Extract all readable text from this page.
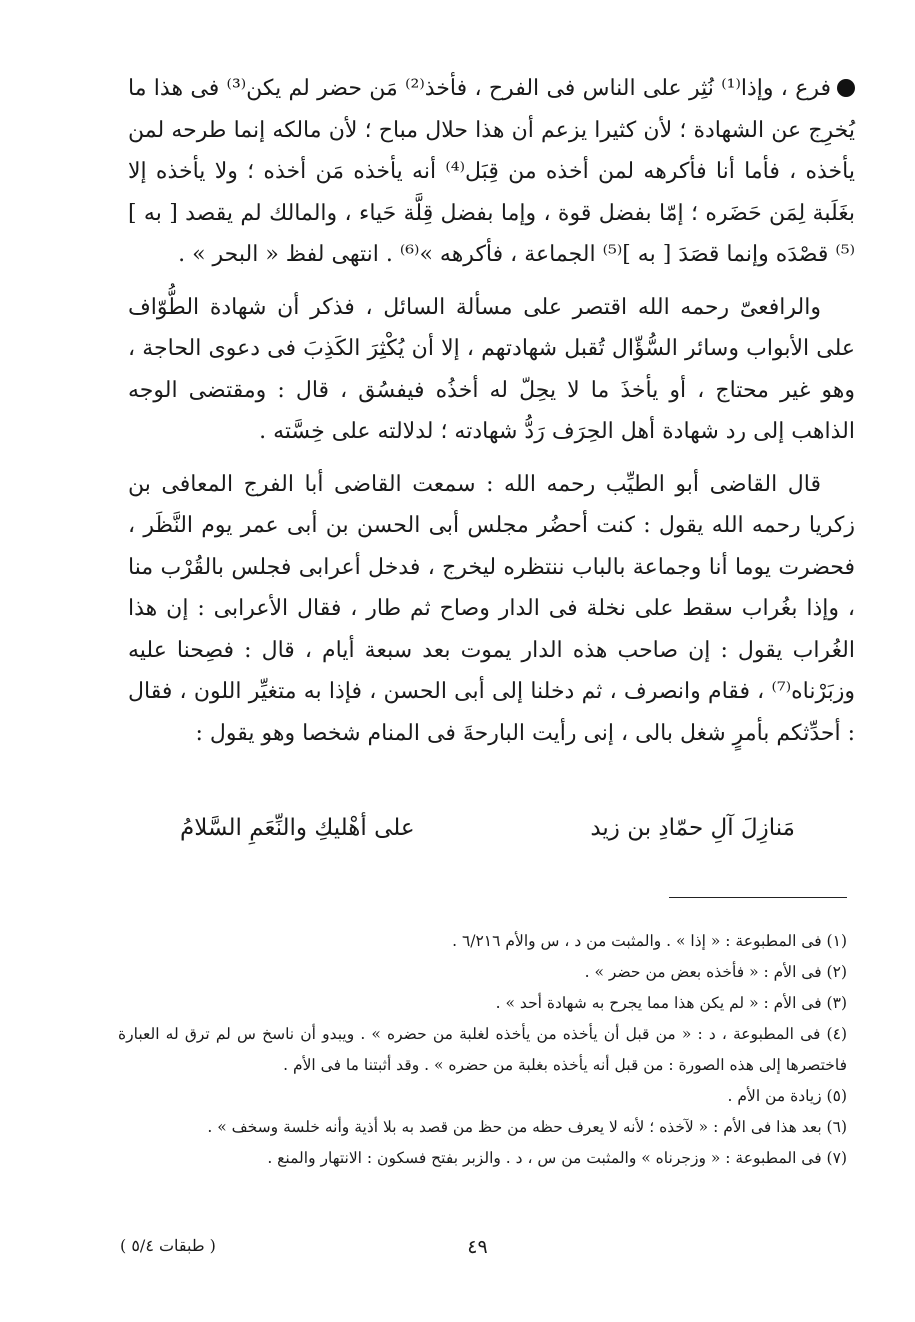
فرع ، وإذا⁽¹⁾ نُثِر على الناس فى الفرح ، فأخذ⁽²⁾ مَن حضر لم يكن⁽³⁾ فى هذا ما يُخرِج عن الشهادة ؛ لأن كثيرا يزعم أن هذا حلال مباح ؛ لأن مالكه إنما طرحه لمن يأخذه ، فأما أنا فأكرهه لمن أخذه من قِبَل⁽⁴⁾ أنه يأخذه مَن أخذه ؛ ولا يأخذه إلا بغَلَبة لِمَن حَضَره ؛ إمّا بفضل قوة ، وإما بفضل قِلَّة حَياء ، والمالك لم يقصد [ به ]⁽⁵⁾ قصْدَه وإنما قصَدَ [ به ]⁽⁵⁾ الجماعة ، فأكرهه »⁽⁶⁾ . انتهى لفظ « البحر » .

والرافعىّ رحمه الله اقتصر على مسألة السائل ، فذكر أن شهادة الطُّوّاف على الأبواب وسائر السُّؤّال تُقبل شهادتهم ، إلا أن يُكْثِرَ الكَذِبَ فى دعوى الحاجة ، وهو غير محتاج ، أو يأخذَ ما لا يحِلّ له أخذُه فيفسُق ، قال : ومقتضى الوجه الذاهب إلى رد شهادة أهل الحِرَف رَدُّ شهادته ؛ لدلالته على خِسَّته .

قال القاضى أبو الطيِّب رحمه الله : سمعت القاضى أبا الفرج المعافى بن زكريا رحمه الله يقول : كنت أحضُر مجلس أبى الحسن بن أبى عمر يوم النَّظَر ، فحضرت يوما أنا وجماعة بالباب ننتظره ليخرج ، فدخل أعرابى فجلس بالقُرْب منا ، وإذا بغُراب سقط على نخلة فى الدار وصاح ثم طار ، فقال الأعرابى : إن هذا الغُراب يقول : إن صاحب هذه الدار يموت بعد سبعة أيام ، قال : فصِحنا عليه وزبَرْناه⁽⁷⁾ ، فقام وانصرف ، ثم دخلنا إلى أبى الحسن ، فإذا به متغيِّر اللون ، فقال : أحدِّثكم بأمرٍ شغل بالى ، إنى رأيت البارحةَ فى المنام شخصا وهو يقول :

مَنازِلَ آلِ حمّادِ بن زيد
على أهْليكِ والنِّعَمِ السَّلامُ

(١) فى المطبوعة : « إذا » . والمثبت من د ، س والأم ٦/٢١٦ .

(٢) فى الأم : « فأخذه بعض من حضر » .

(٣) فى الأم : « لم يكن هذا مما يجرح به شهادة أحد » .

(٤) فى المطبوعة ، د : « من قبل أن يأخذه من يأخذه لغلبة من حضره » . ويبدو أن ناسخ س لم ترق له العبارة فاختصرها إلى هذه الصورة : من قبل أنه يأخذه بغلبة من حضره » . وقد أثبتنا ما فى الأم .

(٥) زيادة من الأم .

(٦) بعد هذا فى الأم : « لآخذه ؛ لأنه لا يعرف حظه من حظ من قصد به بلا أذية وأنه خلسة وسخف » .

(٧) فى المطبوعة : « وزجرناه » والمثبت من س ، د . والزبر بفتح فسكون : الانتهار والمنع .

٤٩
( طبقات ٥/٤ )
